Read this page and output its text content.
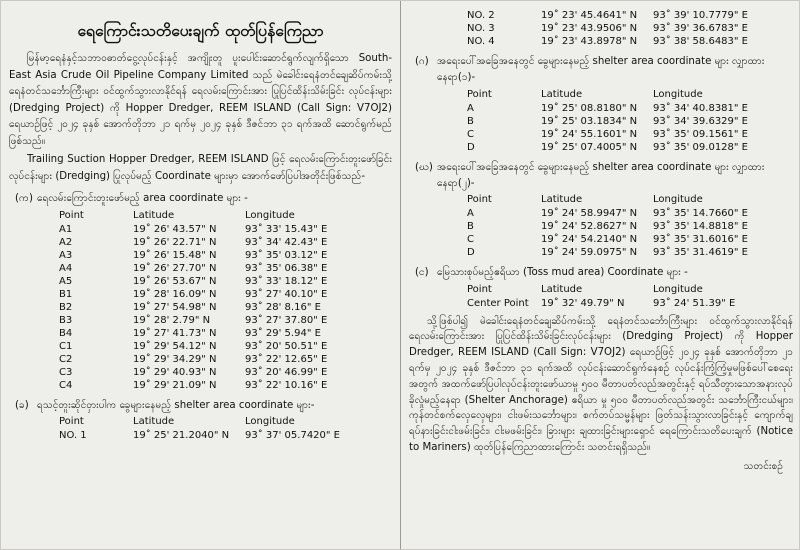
ရေကြောင်းသတိပေးချက် ထုတ်ပြန်ကြေညာ

မြန်မာ့ရေနံနှင့်သဘာဝဓာတ်ငွေ့လုပ်ငန်းနှင့် အကျိုးတူ ပူးပေါင်းဆောင်ရွက်လျက်ရှိသော South-East Asia Crude Oil Pipeline Company Limited သည် မဲခေါင်းရေနံတင်ချေဆိပ်ကမ်းသို့ ရေနံတင်သင်္ဘောကြီးများ ဝင်ထွက်သွားလာနိုင်ရန် ရေလမ်းကြောင်းအား ပြုပြင်ထိန်းသိမ်းခြင်း လုပ်ငန်းများ (Dredging Project) ကို Hopper Dredger, REEM ISLAND (Call Sign: V7OJ2) ရေယာဉ်ဖြင့် ၂၀၂၄ ခုနှစ် အောက်တိုဘာ ၂၁ ရက်မှ ၂၀၂၄ ခုနှစ် ဒီဇင်ဘာ ၃၁ ရက်အထိ ဆောင်ရွက်မည်ဖြစ်သည်။

Trailing Suction Hopper Dredger, REEM ISLAND ဖြင့် ရေလမ်းကြောင်းတူးဖော်ခြင်း လုပ်ငန်းများ (Dredging) ပြုလုပ်မည့် Coordinate များမှာ အောက်ဖော်ပြပါအတိုင်းဖြစ်သည်-

(က) ရေလမ်းကြောင်းတူးဖော်မည့် area coordinate များ -
Point	Latitude	Longitude
A1	19˚ 26' 43.57" N	93˚ 33' 15.43" E
A2	19˚ 26' 22.71" N	93˚ 34' 42.43" E
A3	19˚ 26' 15.48" N	93˚ 35' 03.12" E
A4	19˚ 26' 27.70" N	93˚ 35' 06.38" E
A5	19˚ 26' 53.67" N	93˚ 33' 18.12" E
B1	19˚ 28' 16.09" N	93˚ 27' 40.10" E
B2	19˚ 27' 54.98" N	93˚ 28' 8.16" E
B3	19˚ 28' 2.79" N	93˚ 27' 37.80" E
B4	19˚ 27' 41.73" N	93˚ 29' 5.94" E
C1	19˚ 29' 54.12" N	93˚ 20' 50.51" E
C2	19˚ 29' 34.29" N	93˚ 22' 12.65" E
C3	19˚ 29' 40.93" N	93˚ 20' 46.99" E
C4	19˚ 29' 21.09" N	93˚ 22' 10.16" E
(ခ) ရသင့်တူးဆိုင်ဝှားပါက ခွေများနေမည့် shelter area coordinate များ-
Point	Latitude	Longitude
NO. 1	19˚ 25' 21.2040" N	93˚ 37' 05.7420" E
NO. 2	19˚ 23' 45.4641" N	93˚ 39' 10.7779" E
NO. 3	19˚ 23' 43.9506" N	93˚ 39' 36.6783" E
NO. 4	19˚ 23' 43.8978" N	93˚ 38' 58.6483" E
(ဂ) အရေးပေါ်အခြေအနေတွင် ခွေများနေမည့် shelter area coordinate များ လျှာထားနေရာ(၁)-
Point	Latitude	Longitude
A	19˚ 25' 08.8180" N	93˚ 34' 40.8381" E
B	19˚ 25' 03.1834" N	93˚ 34' 39.6329" E
C	19˚ 24' 55.1601" N	93˚ 35' 09.1561" E
D	19˚ 25' 07.4005" N	93˚ 35' 09.0128" E
(ဃ) အရေးပေါ်အခြေအနေတွင် ခွေများနေမည့် shelter area coordinate များ လျှာထားနေရာ(၂)-
Point	Latitude	Longitude
A	19˚ 24' 58.9947" N	93˚ 35' 14.7660" E
B	19˚ 24' 52.8627" N	93˚ 35' 14.8818" E
C	19˚ 24' 54.2140" N	93˚ 35' 31.6016" E
D	19˚ 24' 59.0975" N	93˚ 35' 31.4619" E
(င) မြေသားစုပ်မည့်ဧရိယာ (Toss mud area) Coordinate များ -
Point	Latitude	Longitude
Center Point	19˚ 32' 49.79" N	93˚ 24' 51.39" E

သို့ဖြစ်ပါ၍ မဲခေါင်းရေနံတင်ချေဆိပ်ကမ်းသို့ ရေနံတင်သင်္ဘောကြီးများ ဝင်ထွက်သွားလာနိုင်ရန် ရေလမ်းကြောင်းအား ပြုပြင်ထိန်းသိမ်းခြင်းလုပ်ငန်းများ (Dredging Project) ကို Hopper Dredger, REEM ISLAND (Call Sign: V7OJ2) ရေယာဉ်ဖြင့် ၂၀၂၄ ခုနှစ် အောက်တိုဘာ ၂၁ ရက်မှ ၂၀၂၄ ခုနှစ် ဒီဇင်ဘာ ၃၁ ရက်အထိ လုပ်ငန်းဆောင်ရွက်နေစဉ် လုပ်ငန်းကြံ့ကြံ့မှုမဖြစ်ပေါ်စေရေးအတွက် အထက်ဖော်ပြပါလုပ်ငန်းတူးဖော်ယာမှု ၅၀၀ မီတာပတ်လည်အတွင်းနှင့် ရပ်သီတွားသောအနားလုပ် ခိုလှုံမည့်နေရာ (Shelter Anchorage) ဧရိယာ မှု ၅၀၀ မီတာပတ်လည်အတွင်း သင်္ဘောကြီးငယ်များ၊ ကုန်တင်စက်လှေလှေများ၊ ငါးဖမ်းသင်္ဘောများ၊ စက်တပ်သမ္မန်များ ဖြတ်သန်းသွားလာခြင်းနှင့် ကျောက်ချရပ်နားခြင်းငါးဖမ်းခြင်း၊ ငါးမဖမ်းခြင်း၊ ခြားများ ချထားခြင်းများရှောင် ရေကြောင်းသတိပေးချက် (Notice to Mariners) ထုတ်ပြန်ကြေညာထားကြောင်း သတင်းရရှိသည်။

သတင်းစဉ်
